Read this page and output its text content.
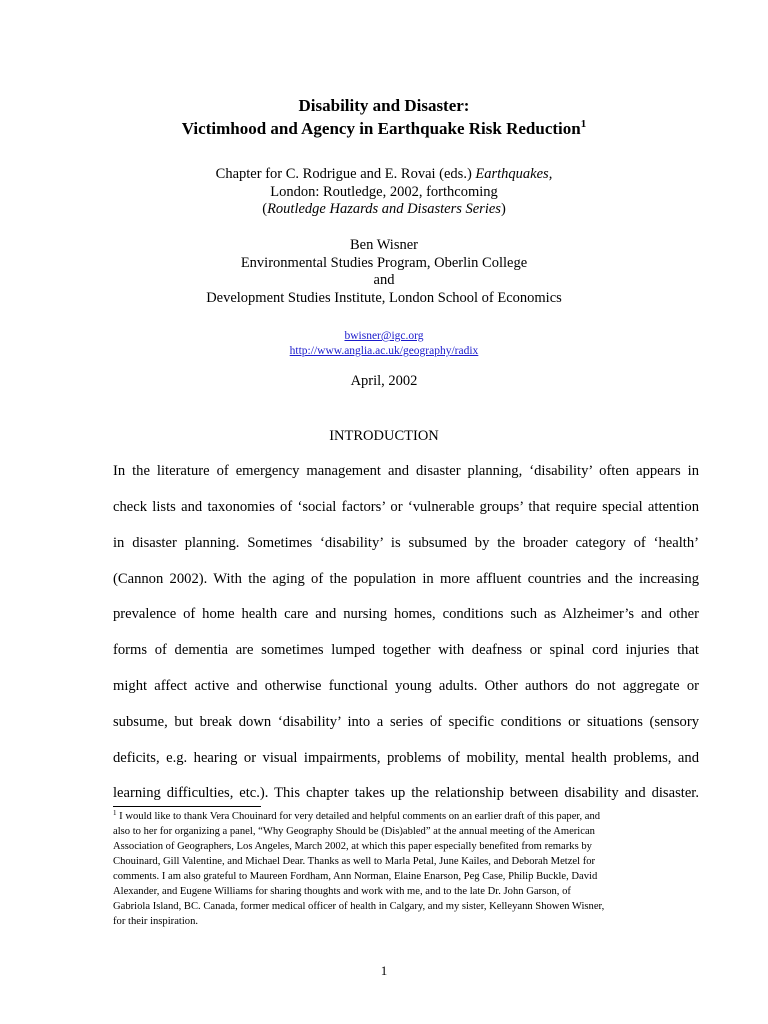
Disability and Disaster:
Victimhood and Agency in Earthquake Risk Reduction$^1$
Chapter for C. Rodrigue and E. Rovai (eds.) Earthquakes,
London: Routledge, 2002, forthcoming
(Routledge Hazards and Disasters Series)
Ben Wisner
Environmental Studies Program, Oberlin College
and
Development Studies Institute, London School of Economics
bwisner@igc.org
http://www.anglia.ac.uk/geography/radix
April, 2002
INTRODUCTION
In the literature of emergency management and disaster planning, ‘disability’ often appears in
check lists and taxonomies of ‘social factors’ or ‘vulnerable groups’ that require special attention
in disaster planning. Sometimes ‘disability’ is subsumed by the broader category of ‘health’
(Cannon 2002). With the aging of the population in more affluent countries and the increasing
prevalence of home health care and nursing homes, conditions such as Alzheimer’s and other
forms of dementia are sometimes lumped together with deafness or spinal cord injuries that
might affect active and otherwise functional young adults. Other authors do not aggregate or
subsume, but break down ‘disability’ into a series of specific conditions or situations (sensory
deficits, e.g. hearing or visual impairments, problems of mobility, mental health problems, and
learning difficulties, etc.). This chapter takes up the relationship between disability and disaster.
$^1$ I would like to thank Vera Chouinard for very detailed and helpful comments on an earlier draft of this paper, and
also to her for organizing a panel, “Why Geography Should be (Dis)abled” at the annual meeting of the American
Association of Geographers, Los Angeles, March 2002, at which this paper especially benefited from remarks by
Chouinard, Gill Valentine, and Michael Dear. Thanks as well to Marla Petal, June Kailes, and Deborah Metzel for
comments. I am also grateful to Maureen Fordham, Ann Norman, Elaine Enarson, Peg Case, Philip Buckle, David
Alexander, and Eugene Williams for sharing thoughts and work with me, and to the late Dr. John Garson, of
Gabriola Island, BC. Canada, former medical officer of health in Calgary, and my sister, Kelleyann Showen Wisner,
for their inspiration.
1
